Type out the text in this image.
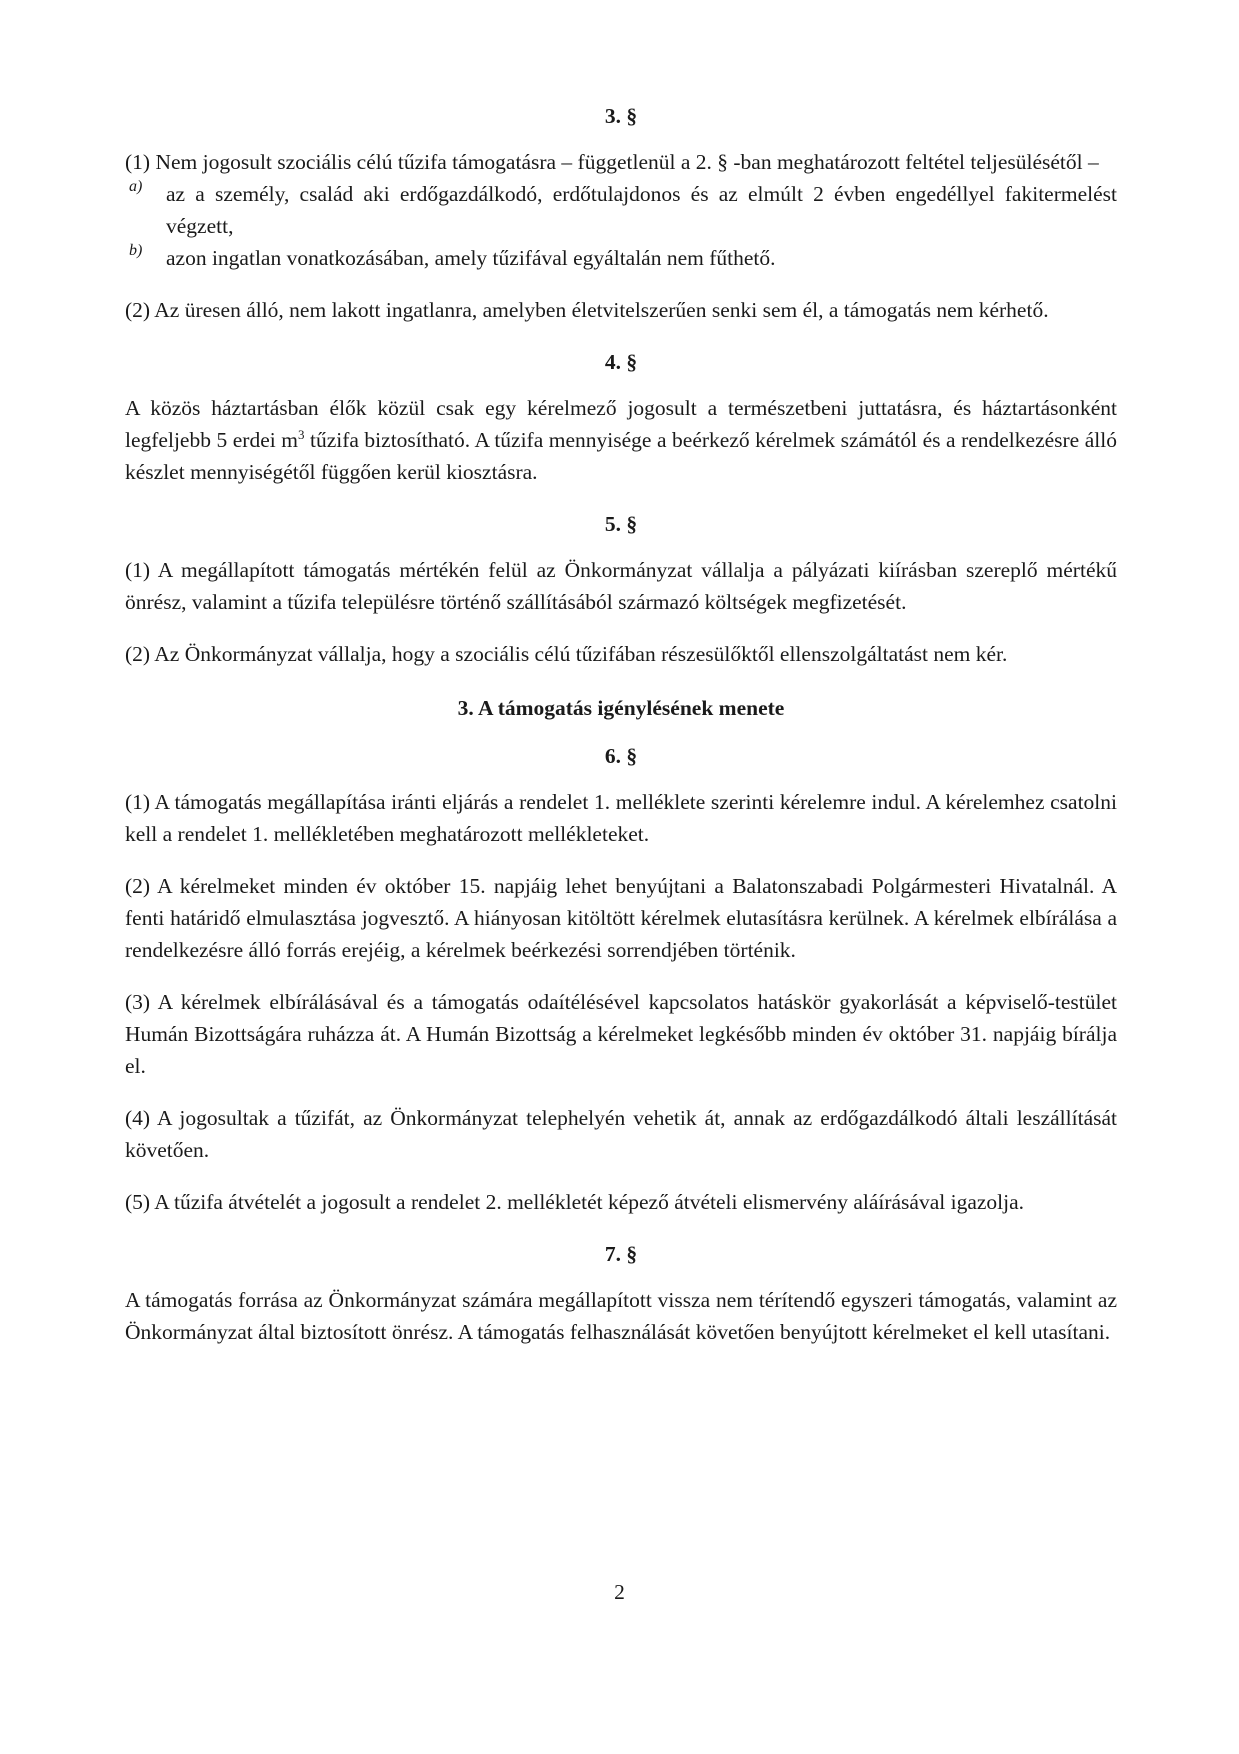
3. §

(1) Nem jogosult szociális célú tűzifa támogatásra – függetlenül a 2. § -ban meghatározott feltétel teljesülésétől –

a)	az a személy, család aki erdőgazdálkodó, erdőtulajdonos és az elmúlt 2 évben engedéllyel fakitermelést végzett,

b)	azon ingatlan vonatkozásában, amely tűzifával egyáltalán nem fűthető.

(2) Az üresen álló, nem lakott ingatlanra, amelyben életvitelszerűen senki sem él, a támogatás nem kérhető.

4. §

A közös háztartásban élők közül csak egy kérelmező jogosult a természetbeni juttatásra, és háztartásonként legfeljebb 5 erdei $m^3$ tűzifa biztosítható. A tűzifa mennyisége a beérkező kérelmek számától és a rendelkezésre álló készlet mennyiségétől függően kerül kiosztásra.

5. §

(1) A megállapított támogatás mértékén felül az Önkormányzat vállalja a pályázati kiírásban szereplő mértékű önrész, valamint a tűzifa településre történő szállításából származó költségek megfizetését.

(2) Az Önkormányzat vállalja, hogy a szociális célú tűzifában részesülőktől ellenszolgáltatást nem kér.

3. A támogatás igénylésének menete

6. §

(1) A támogatás megállapítása iránti eljárás a rendelet 1. melléklete szerinti kérelemre indul. A kérelemhez csatolni kell a rendelet 1. mellékletében meghatározott mellékleteket.

(2) A kérelmeket minden év október 15. napjáig lehet benyújtani a Balatonszabadi Polgármesteri Hivatalnál. A fenti határidő elmulasztása jogvesztő. A hiányosan kitöltött kérelmek elutasításra kerülnek. A kérelmek elbírálása a rendelkezésre álló forrás erejéig, a kérelmek beérkezési sorrendjében történik.

(3) A kérelmek elbírálásával és a támogatás odaítélésével kapcsolatos hatáskör gyakorlását a képviselő-testület Humán Bizottságára ruházza át. A Humán Bizottság a kérelmeket legkésőbb minden év október 31. napjáig bírálja el.

(4) A jogosultak a tűzifát, az Önkormányzat telephelyén vehetik át, annak az erdőgazdálkodó általi leszállítását követően.

(5) A tűzifa átvételét a jogosult a rendelet 2. mellékletét képező átvételi elismervény aláírásával igazolja.

7. §

A támogatás forrása az Önkormányzat számára megállapított vissza nem térítendő egyszeri támogatás, valamint az Önkormányzat által biztosított önrész. A támogatás felhasználását követően benyújtott kérelmeket el kell utasítani.

2
